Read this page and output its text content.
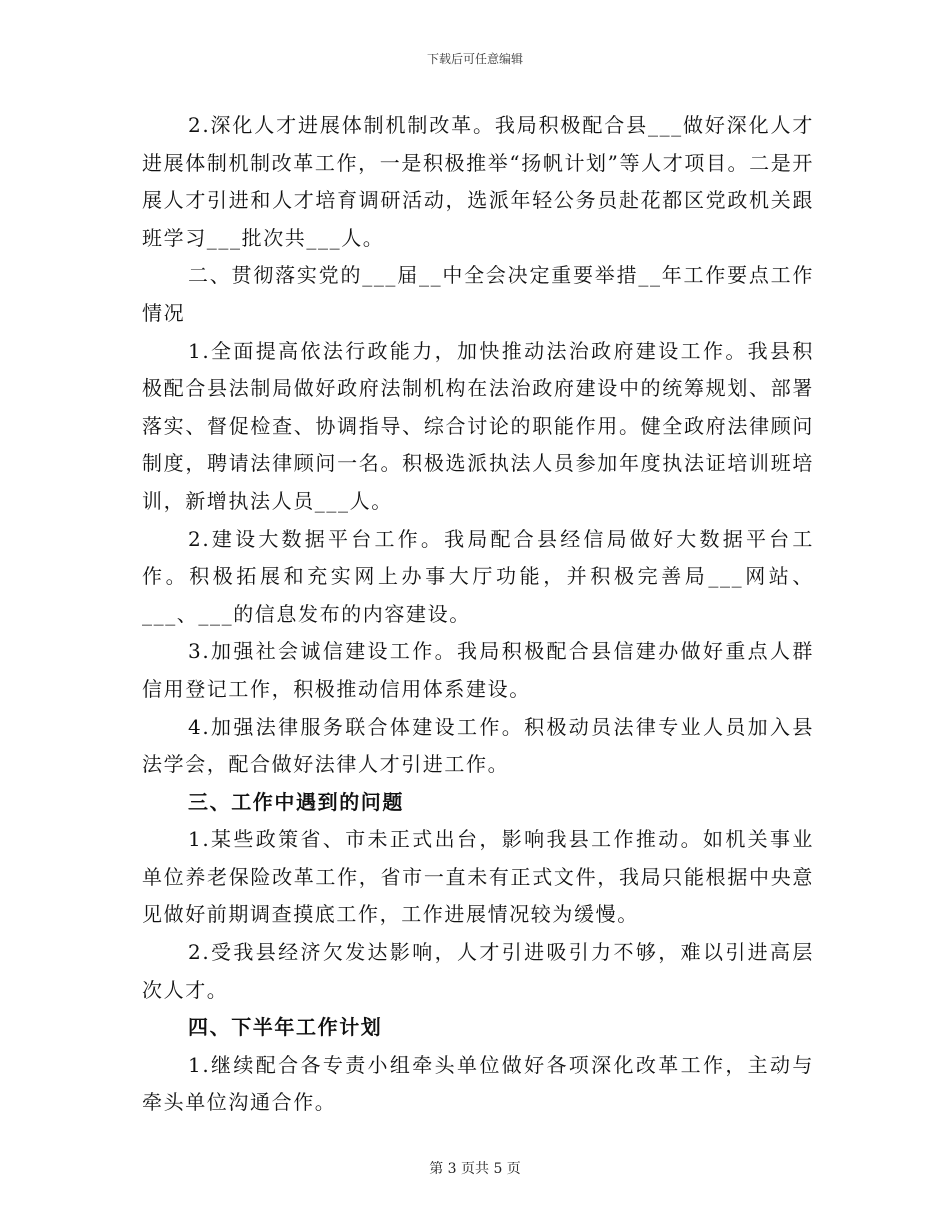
下载后可任意编辑

2.深化人才进展体制机制改革。我局积极配合县___做好深化人才进展体制机制改革工作，一是积极推举“扬帆计划”等人才项目。二是开展人才引进和人才培育调研活动，选派年轻公务员赴花都区党政机关跟班学习___批次共___人。

二、贯彻落实党的___届__中全会决定重要举措__年工作要点工作情况

1.全面提高依法行政能力，加快推动法治政府建设工作。我县积极配合县法制局做好政府法制机构在法治政府建设中的统筹规划、部署落实、督促检查、协调指导、综合讨论的职能作用。健全政府法律顾问制度，聘请法律顾问一名。积极选派执法人员参加年度执法证培训班培训，新增执法人员___人。

2.建设大数据平台工作。我局配合县经信局做好大数据平台工作。积极拓展和充实网上办事大厅功能，并积极完善局___网站、___、___的信息发布的内容建设。

3.加强社会诚信建设工作。我局积极配合县信建办做好重点人群信用登记工作，积极推动信用体系建设。

4.加强法律服务联合体建设工作。积极动员法律专业人员加入县法学会，配合做好法律人才引进工作。

三、工作中遇到的问题

1.某些政策省、市未正式出台，影响我县工作推动。如机关事业单位养老保险改革工作，省市一直未有正式文件，我局只能根据中央意见做好前期调查摸底工作，工作进展情况较为缓慢。

2.受我县经济欠发达影响，人才引进吸引力不够，难以引进高层次人才。

四、下半年工作计划

1.继续配合各专责小组牵头单位做好各项深化改革工作，主动与牵头单位沟通合作。

第 3 页共 5 页
